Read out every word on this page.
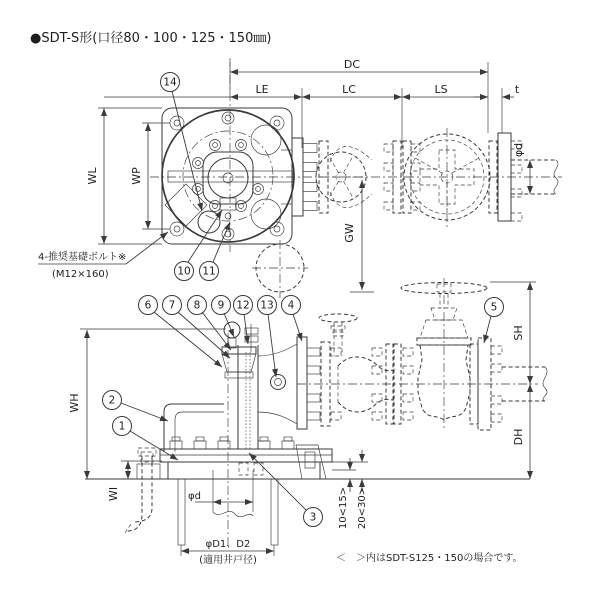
●SDT-S形(口径80・100・125・150㎜)
DC
LE	LC	LS	t
WL	WP
GW
φd
4-推奨基礎ボルト※
(M12×160)
WH
WI	φd
φD1、D2
(適用井戸径)
10<15> 20<30>
SH
DH
14
10 11
6 7 8 9 12 13 4	5
2
1
3
＜　＞内はSDT-S125・150の場合です。
